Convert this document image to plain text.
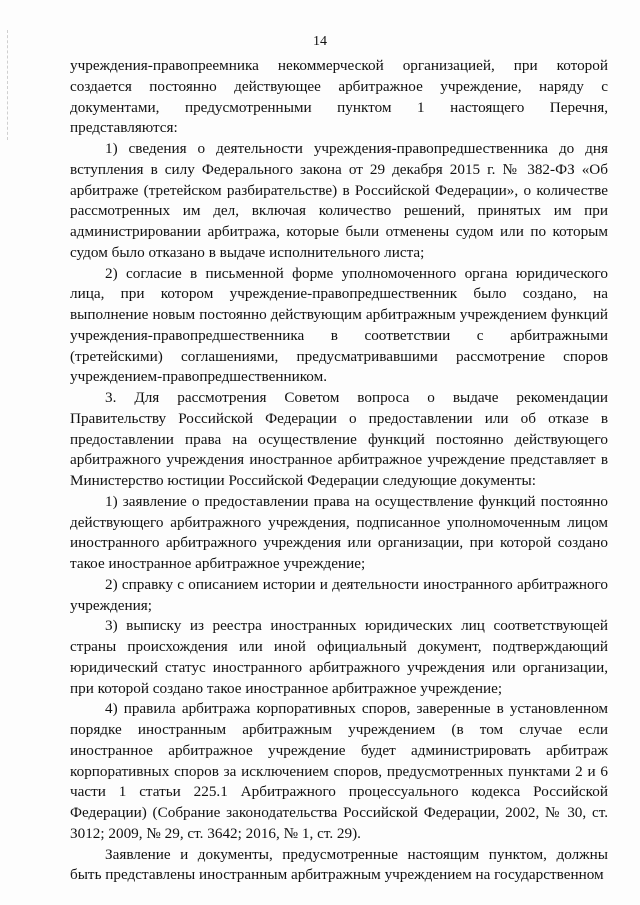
14

учреждения-правопреемника некоммерческой организацией, при которой создается постоянно действующее арбитражное учреждение, наряду с документами, предусмотренными пунктом 1 настоящего Перечня, представляются:

1) сведения о деятельности учреждения-правопредшественника до дня вступления в силу Федерального закона от 29 декабря 2015 г. № 382-ФЗ «Об арбитраже (третейском разбирательстве) в Российской Федерации», о количестве рассмотренных им дел, включая количество решений, принятых им при администрировании арбитража, которые были отменены судом или по которым судом было отказано в выдаче исполнительного листа;

2) согласие в письменной форме уполномоченного органа юридического лица, при котором учреждение-правопредшественник было создано, на выполнение новым постоянно действующим арбитражным учреждением функций учреждения-правопредшественника в соответствии с арбитражными (третейскими) соглашениями, предусматривавшими рассмотрение споров учреждением-правопредшественником.

3. Для рассмотрения Советом вопроса о выдаче рекомендации Правительству Российской Федерации о предоставлении или об отказе в предоставлении права на осуществление функций постоянно действующего арбитражного учреждения иностранное арбитражное учреждение представляет в Министерство юстиции Российской Федерации следующие документы:

1) заявление о предоставлении права на осуществление функций постоянно действующего арбитражного учреждения, подписанное уполномоченным лицом иностранного арбитражного учреждения или организации, при которой создано такое иностранное арбитражное учреждение;

2) справку с описанием истории и деятельности иностранного арбитражного учреждения;

3) выписку из реестра иностранных юридических лиц соответствующей страны происхождения или иной официальный документ, подтверждающий юридический статус иностранного арбитражного учреждения или организации, при которой создано такое иностранное арбитражное учреждение;

4) правила арбитража корпоративных споров, заверенные в установленном порядке иностранным арбитражным учреждением (в том случае если иностранное арбитражное учреждение будет администрировать арбитраж корпоративных споров за исключением споров, предусмотренных пунктами 2 и 6 части 1 статьи 225.1 Арбитражного процессуального кодекса Российской Федерации) (Собрание законодательства Российской Федерации, 2002, № 30, ст. 3012; 2009, № 29, ст. 3642; 2016, № 1, ст. 29).

Заявление и документы, предусмотренные настоящим пунктом, должны быть представлены иностранным арбитражным учреждением на государственном
